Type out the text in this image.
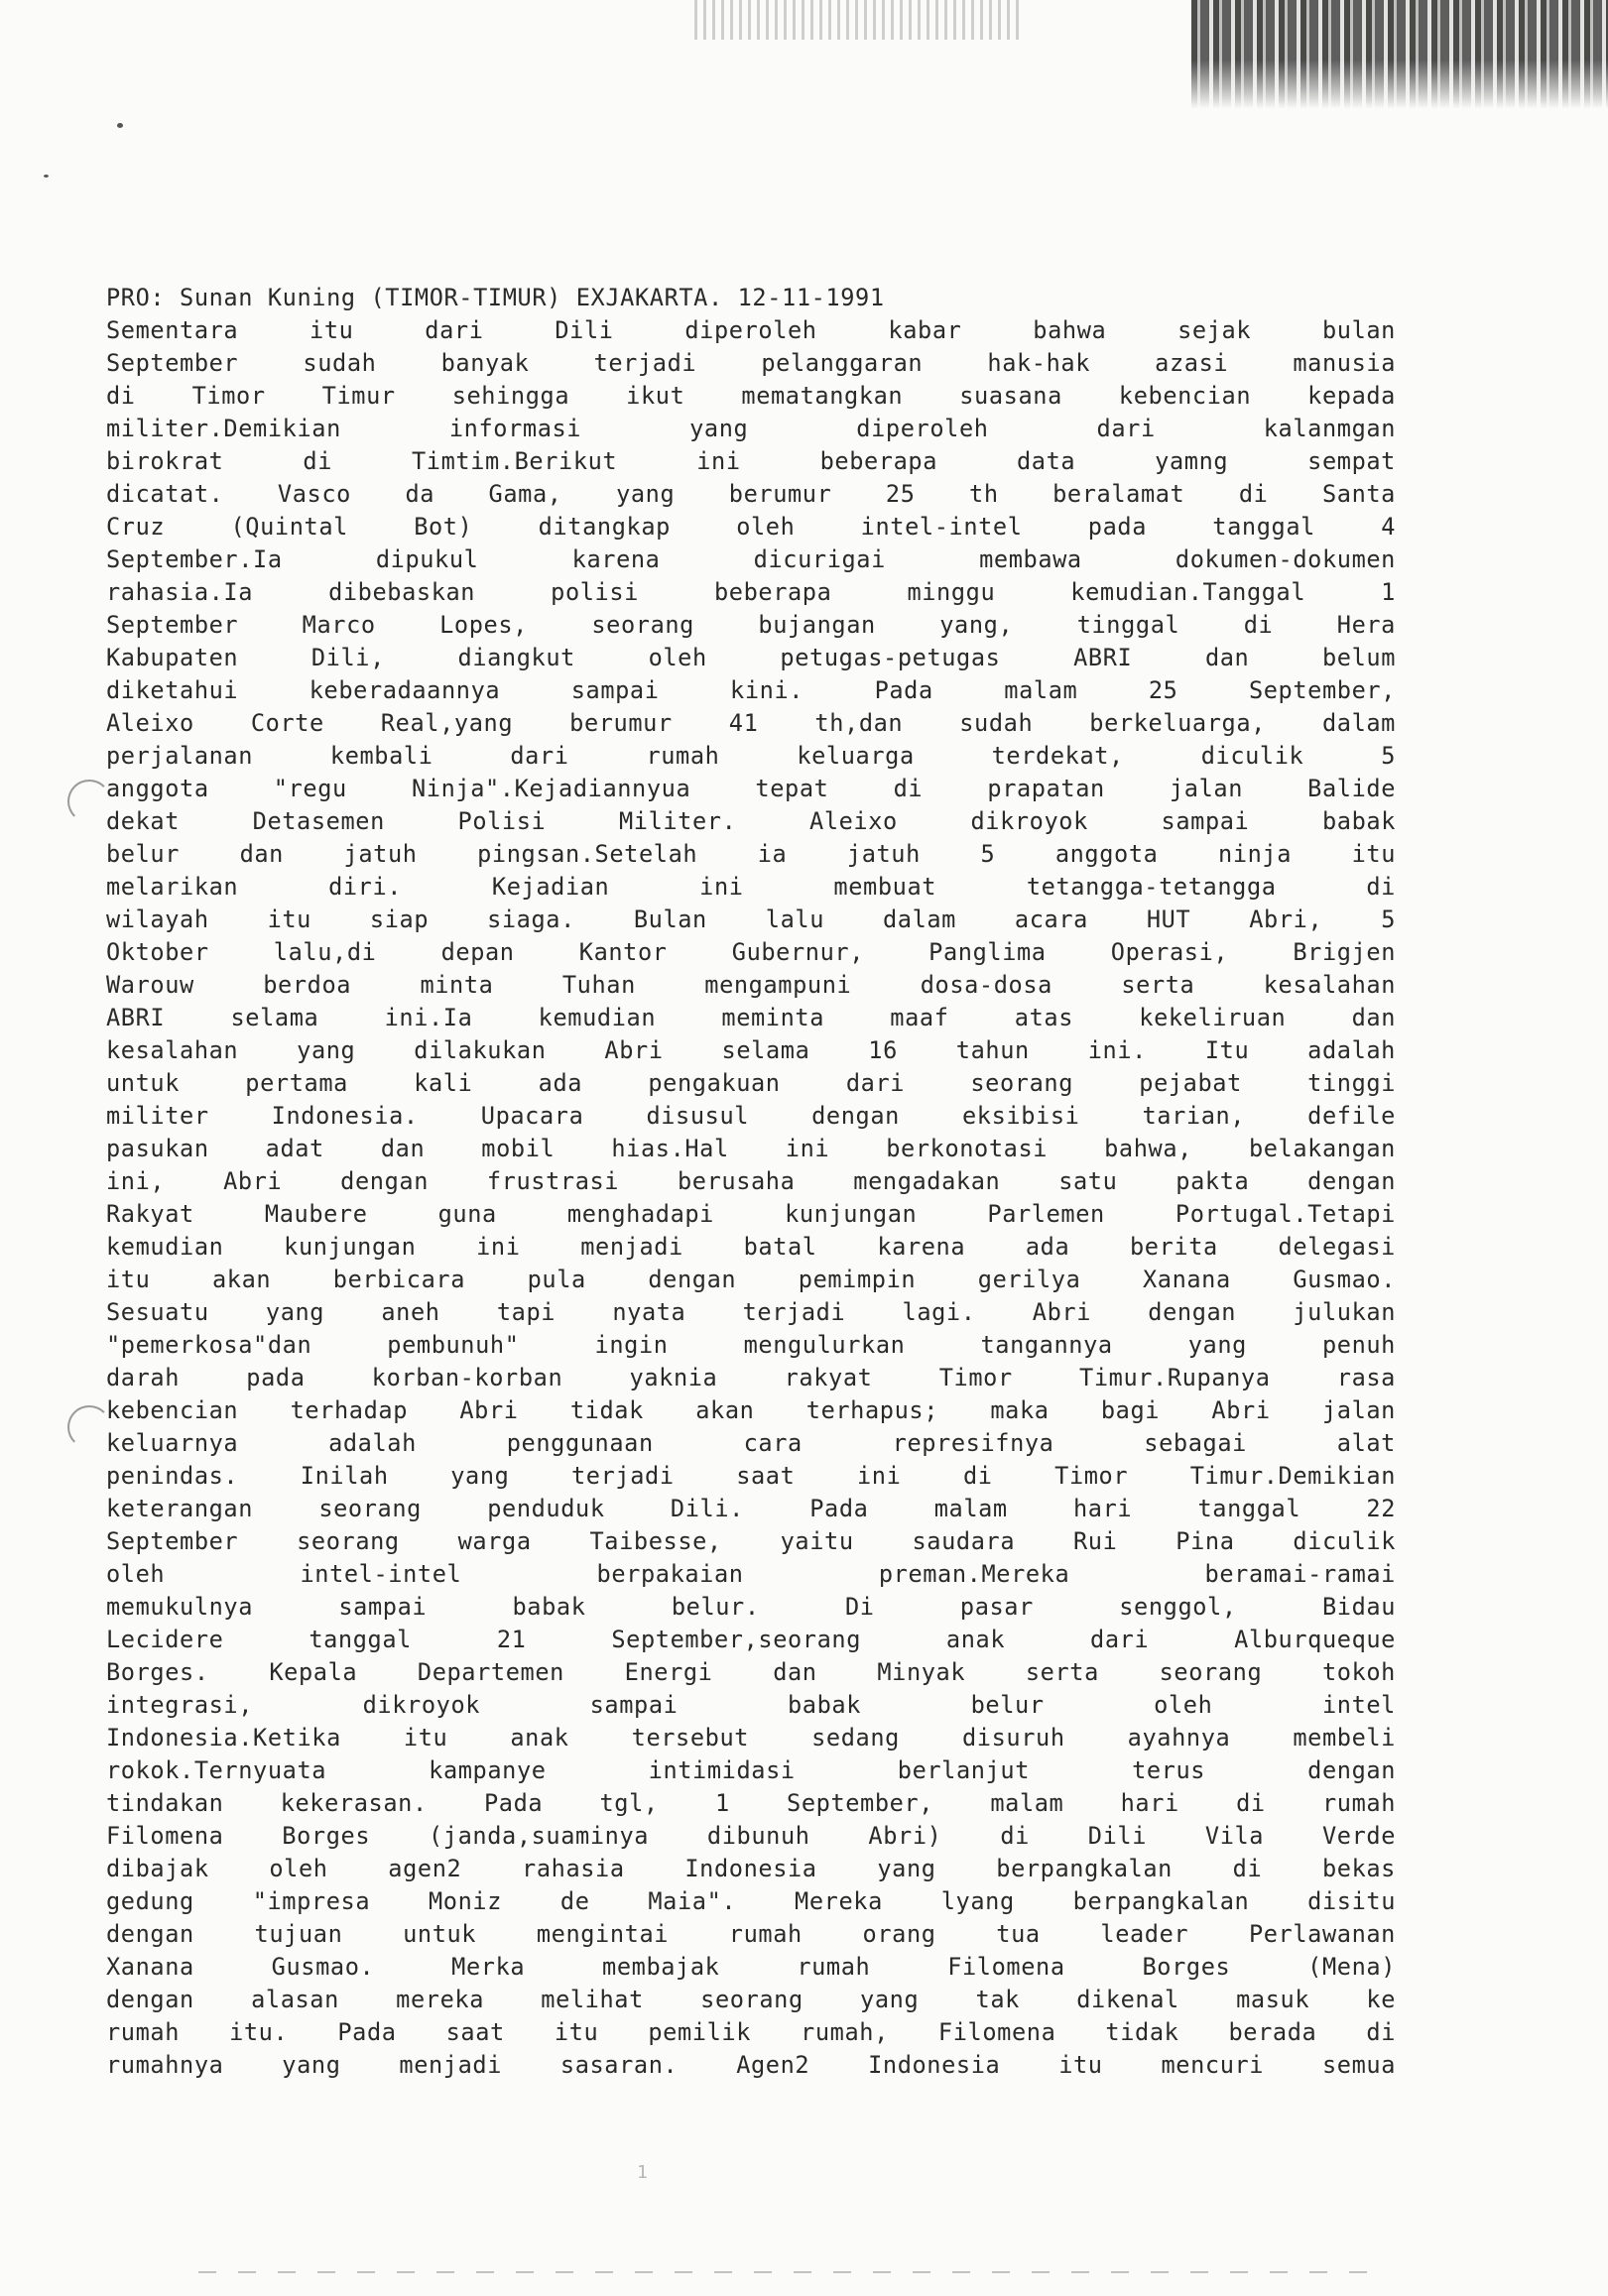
PRO: Sunan Kuning (TIMOR-TIMUR) EXJAKARTA. 12-11-1991
Sementara itu dari Dili diperoleh kabar bahwa sejak bulan
September sudah banyak terjadi pelanggaran hak-hak azasi manusia
di Timor Timur sehingga ikut mematangkan suasana kebencian kepada
militer.Demikian informasi yang diperoleh dari kalanmgan
birokrat di Timtim.Berikut ini beberapa data yamng sempat
dicatat. Vasco da Gama, yang berumur 25 th beralamat di Santa
Cruz (Quintal Bot) ditangkap oleh intel-intel pada tanggal 4
September.Ia dipukul karena dicurigai membawa dokumen-dokumen
rahasia.Ia dibebaskan polisi beberapa minggu kemudian.Tanggal 1
September Marco Lopes, seorang bujangan yang, tinggal di Hera
Kabupaten Dili, diangkut oleh petugas-petugas ABRI dan belum
diketahui keberadaannya sampai kini. Pada malam 25 September,
Aleixo Corte Real,yang berumur 41 th,dan sudah berkeluarga, dalam
perjalanan kembali dari rumah keluarga terdekat, diculik 5
anggota "regu Ninja".Kejadiannyua tepat di prapatan jalan Balide
dekat Detasemen Polisi Militer. Aleixo dikroyok sampai babak
belur dan jatuh pingsan.Setelah ia jatuh 5 anggota ninja itu
melarikan diri. Kejadian ini membuat tetangga-tetangga di
wilayah itu siap siaga. Bulan lalu dalam acara HUT Abri, 5
Oktober lalu,di depan Kantor Gubernur, Panglima Operasi, Brigjen
Warouw berdoa minta Tuhan mengampuni dosa-dosa serta kesalahan
ABRI selama ini.Ia kemudian meminta maaf atas kekeliruan dan
kesalahan yang dilakukan Abri selama 16 tahun ini. Itu adalah
untuk pertama kali ada pengakuan dari seorang pejabat tinggi
militer Indonesia. Upacara disusul dengan eksibisi tarian, defile
pasukan adat dan mobil hias.Hal ini berkonotasi bahwa, belakangan
ini, Abri dengan frustrasi berusaha mengadakan satu pakta dengan
Rakyat Maubere guna menghadapi kunjungan Parlemen Portugal.Tetapi
kemudian kunjungan ini menjadi batal karena ada berita delegasi
itu akan berbicara pula dengan pemimpin gerilya Xanana Gusmao.
Sesuatu yang aneh tapi nyata terjadi lagi. Abri dengan julukan
"pemerkosa"dan pembunuh" ingin mengulurkan tangannya yang penuh
darah pada korban-korban yaknia rakyat Timor Timur.Rupanya rasa
kebencian terhadap Abri tidak akan terhapus; maka bagi Abri jalan
keluarnya adalah penggunaan cara represifnya sebagai alat
penindas. Inilah yang terjadi saat ini di Timor Timur.Demikian
keterangan seorang penduduk Dili. Pada malam hari tanggal 22
September seorang warga Taibesse, yaitu saudara Rui Pina diculik
oleh intel-intel berpakaian preman.Mereka beramai-ramai
memukulnya sampai babak belur. Di pasar senggol, Bidau
Lecidere tanggal 21 September,seorang anak dari Alburqueque
Borges. Kepala Departemen Energi dan Minyak serta seorang tokoh
integrasi, dikroyok sampai babak belur oleh intel
Indonesia.Ketika itu anak tersebut sedang disuruh ayahnya membeli
rokok.Ternyuata kampanye intimidasi berlanjut terus dengan
tindakan kekerasan. Pada tgl, 1 September, malam hari di rumah
Filomena Borges (janda,suaminya dibunuh Abri) di Dili Vila Verde
dibajak oleh agen2 rahasia Indonesia yang berpangkalan di bekas
gedung "impresa Moniz de Maia". Mereka lyang berpangkalan disitu
dengan tujuan untuk mengintai rumah orang tua leader Perlawanan
Xanana Gusmao. Merka membajak rumah Filomena Borges (Mena)
dengan alasan mereka melihat seorang yang tak dikenal masuk ke
rumah itu. Pada saat itu pemilik rumah, Filomena tidak berada di
rumahnya yang menjadi sasaran. Agen2 Indonesia itu mencuri semua
1
